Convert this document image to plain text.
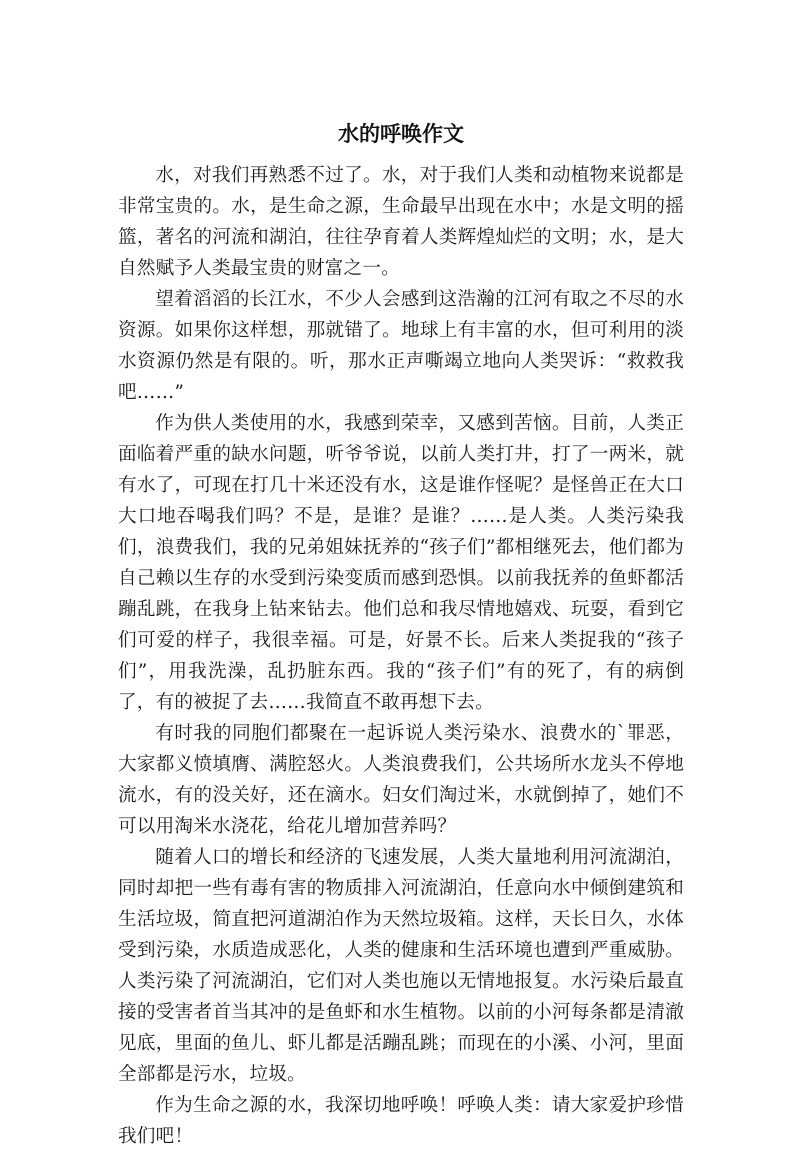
水的呼唤作文

水，对我们再熟悉不过了。水，对于我们人类和动植物来说都是非常宝贵的。水，是生命之源，生命最早出现在水中；水是文明的摇篮，著名的河流和湖泊，往往孕育着人类辉煌灿烂的文明；水，是大自然赋予人类最宝贵的财富之一。

望着滔滔的长江水，不少人会感到这浩瀚的江河有取之不尽的水资源。如果你这样想，那就错了。地球上有丰富的水，但可利用的淡水资源仍然是有限的。听，那水正声嘶竭立地向人类哭诉：“救救我吧……”

作为供人类使用的水，我感到荣幸，又感到苦恼。目前，人类正面临着严重的缺水问题，听爷爷说，以前人类打井，打了一两米，就有水了，可现在打几十米还没有水，这是谁作怪呢？是怪兽正在大口大口地吞喝我们吗？不是，是谁？是谁？……是人类。人类污染我们，浪费我们，我的兄弟姐妹抚养的“孩子们”都相继死去，他们都为自己赖以生存的水受到污染变质而感到恐惧。以前我抚养的鱼虾都活蹦乱跳，在我身上钻来钻去。他们总和我尽情地嬉戏、玩耍，看到它们可爱的样子，我很幸福。可是，好景不长。后来人类捉我的“孩子们”，用我洗澡，乱扔脏东西。我的“孩子们”有的死了，有的病倒了，有的被捉了去……我简直不敢再想下去。

有时我的同胞们都聚在一起诉说人类污染水、浪费水的`罪恶，大家都义愤填膺、满腔怒火。人类浪费我们，公共场所水龙头不停地流水，有的没关好，还在滴水。妇女们淘过米，水就倒掉了，她们不可以用淘米水浇花，给花儿增加营养吗？

随着人口的增长和经济的飞速发展，人类大量地利用河流湖泊，同时却把一些有毒有害的物质排入河流湖泊，任意向水中倾倒建筑和生活垃圾，简直把河道湖泊作为天然垃圾箱。这样，天长日久，水体受到污染，水质造成恶化，人类的健康和生活环境也遭到严重威胁。人类污染了河流湖泊，它们对人类也施以无情地报复。水污染后最直接的受害者首当其冲的是鱼虾和水生植物。以前的小河每条都是清澈见底，里面的鱼儿、虾儿都是活蹦乱跳；而现在的小溪、小河，里面全部都是污水，垃圾。

作为生命之源的水，我深切地呼唤！呼唤人类：请大家爱护珍惜我们吧！
